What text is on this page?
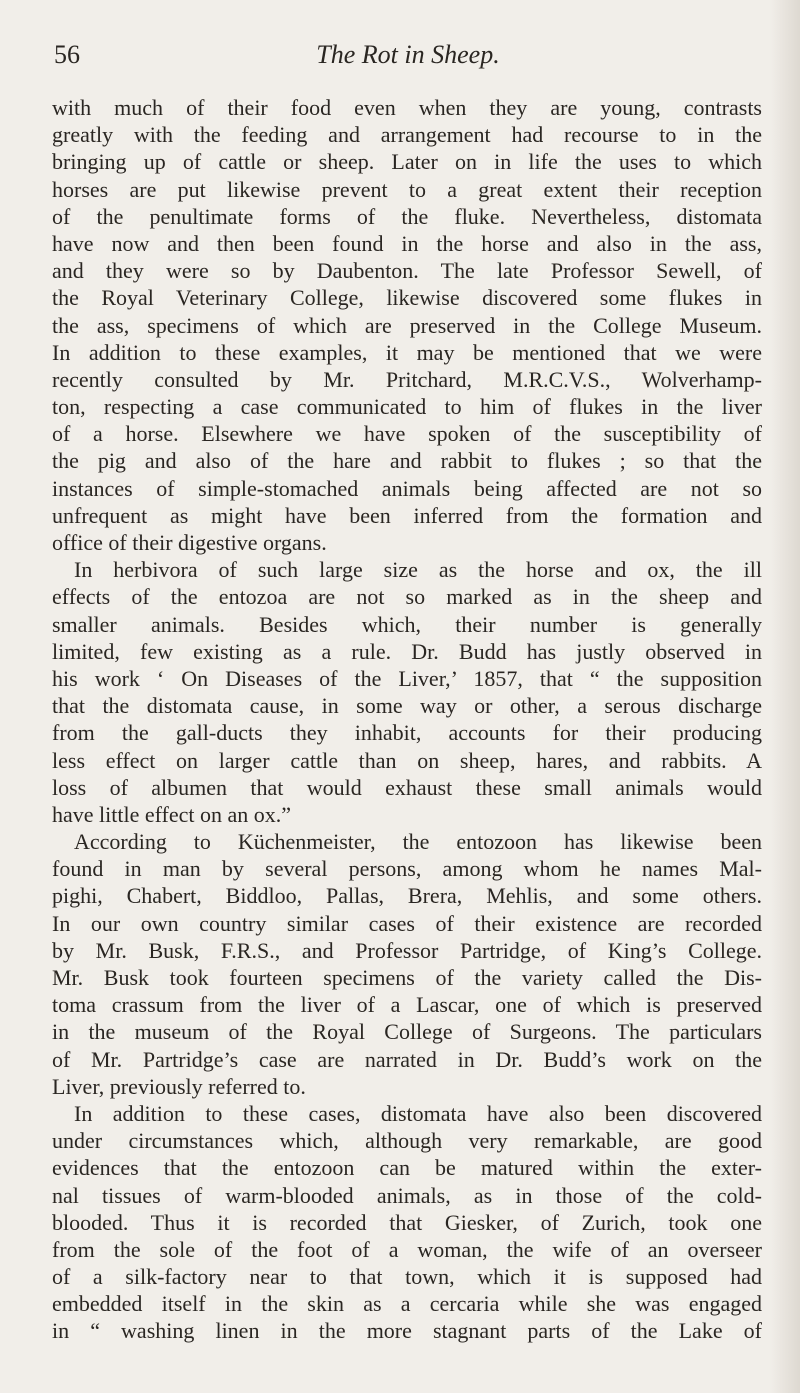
56	The Rot in Sheep.
with much of their food even when they are young, contrasts
greatly with the feeding and arrangement had recourse to in the
bringing up of cattle or sheep. Later on in life the uses to which
horses are put likewise prevent to a great extent their reception
of the penultimate forms of the fluke. Nevertheless, distomata
have now and then been found in the horse and also in the ass,
and they were so by Daubenton. The late Professor Sewell, of
the Royal Veterinary College, likewise discovered some flukes in
the ass, specimens of which are preserved in the College Museum.
In addition to these examples, it may be mentioned that we were
recently consulted by Mr. Pritchard, M.R.C.V.S., Wolverhamp-
ton, respecting a case communicated to him of flukes in the liver
of a horse. Elsewhere we have spoken of the susceptibility of
the pig and also of the hare and rabbit to flukes ; so that the
instances of simple-stomached animals being affected are not so
unfrequent as might have been inferred from the formation and
office of their digestive organs.
In herbivora of such large size as the horse and ox, the ill
effects of the entozoa are not so marked as in the sheep and
smaller animals. Besides which, their number is generally
limited, few existing as a rule. Dr. Budd has justly observed in
his work ‘ On Diseases of the Liver,’ 1857, that “ the supposition
that the distomata cause, in some way or other, a serous discharge
from the gall-ducts they inhabit, accounts for their producing
less effect on larger cattle than on sheep, hares, and rabbits. A
loss of albumen that would exhaust these small animals would
have little effect on an ox.”
According to Küchenmeister, the entozoon has likewise been
found in man by several persons, among whom he names Mal-
pighi, Chabert, Biddloo, Pallas, Brera, Mehlis, and some others.
In our own country similar cases of their existence are recorded
by Mr. Busk, F.R.S., and Professor Partridge, of King’s College.
Mr. Busk took fourteen specimens of the variety called the Dis-
toma crassum from the liver of a Lascar, one of which is preserved
in the museum of the Royal College of Surgeons. The particulars
of Mr. Partridge’s case are narrated in Dr. Budd’s work on the
Liver, previously referred to.
In addition to these cases, distomata have also been discovered
under circumstances which, although very remarkable, are good
evidences that the entozoon can be matured within the exter-
nal tissues of warm-blooded animals, as in those of the cold-
blooded. Thus it is recorded that Giesker, of Zurich, took one
from the sole of the foot of a woman, the wife of an overseer
of a silk-factory near to that town, which it is supposed had
embedded itself in the skin as a cercaria while she was engaged
in “ washing linen in the more stagnant parts of the Lake of
